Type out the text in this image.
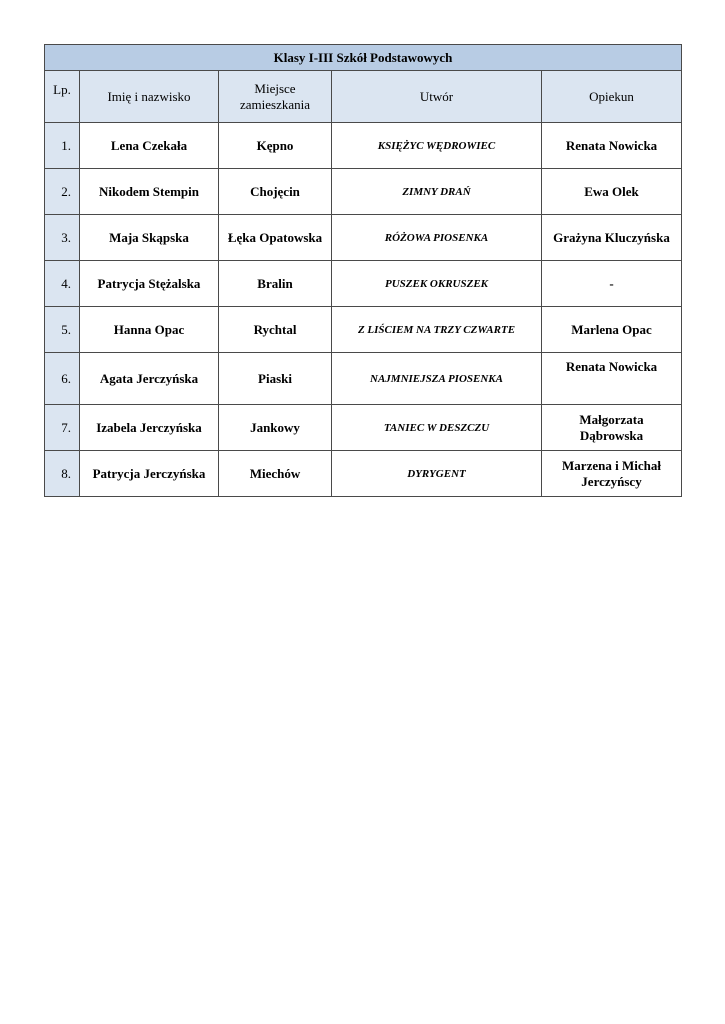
Klasy I-III Szkół Podstawowych				
Lp.	Imię i nazwisko	Miejsce zamieszkania	Utwór	Opiekun
1.	Lena Czekała	Kępno	KSIĘŻYC WĘDROWIEC	Renata Nowicka
2.	Nikodem Stempin	Chojęcin	ZIMNY DRAŃ	Ewa Olek
3.	Maja Skąpska	Łęka Opatowska	RÓŻOWA PIOSENKA	Grażyna Kluczyńska
4.	Patrycja Stężalska	Bralin	PUSZEK OKRUSZEK	-
5.	Hanna Opac	Rychtal	Z LIŚCIEM NA TRZY CZWARTE	Marlena Opac
6.	Agata Jerczyńska	Piaski	NAJMNIEJSZA PIOSENKA	Renata Nowicka
7.	Izabela Jerczyńska	Jankowy	TANIEC W DESZCZU	Małgorzata Dąbrowska
8.	Patrycja Jerczyńska	Miechów	DYRYGENT	Marzena i Michał Jerczyńscy
